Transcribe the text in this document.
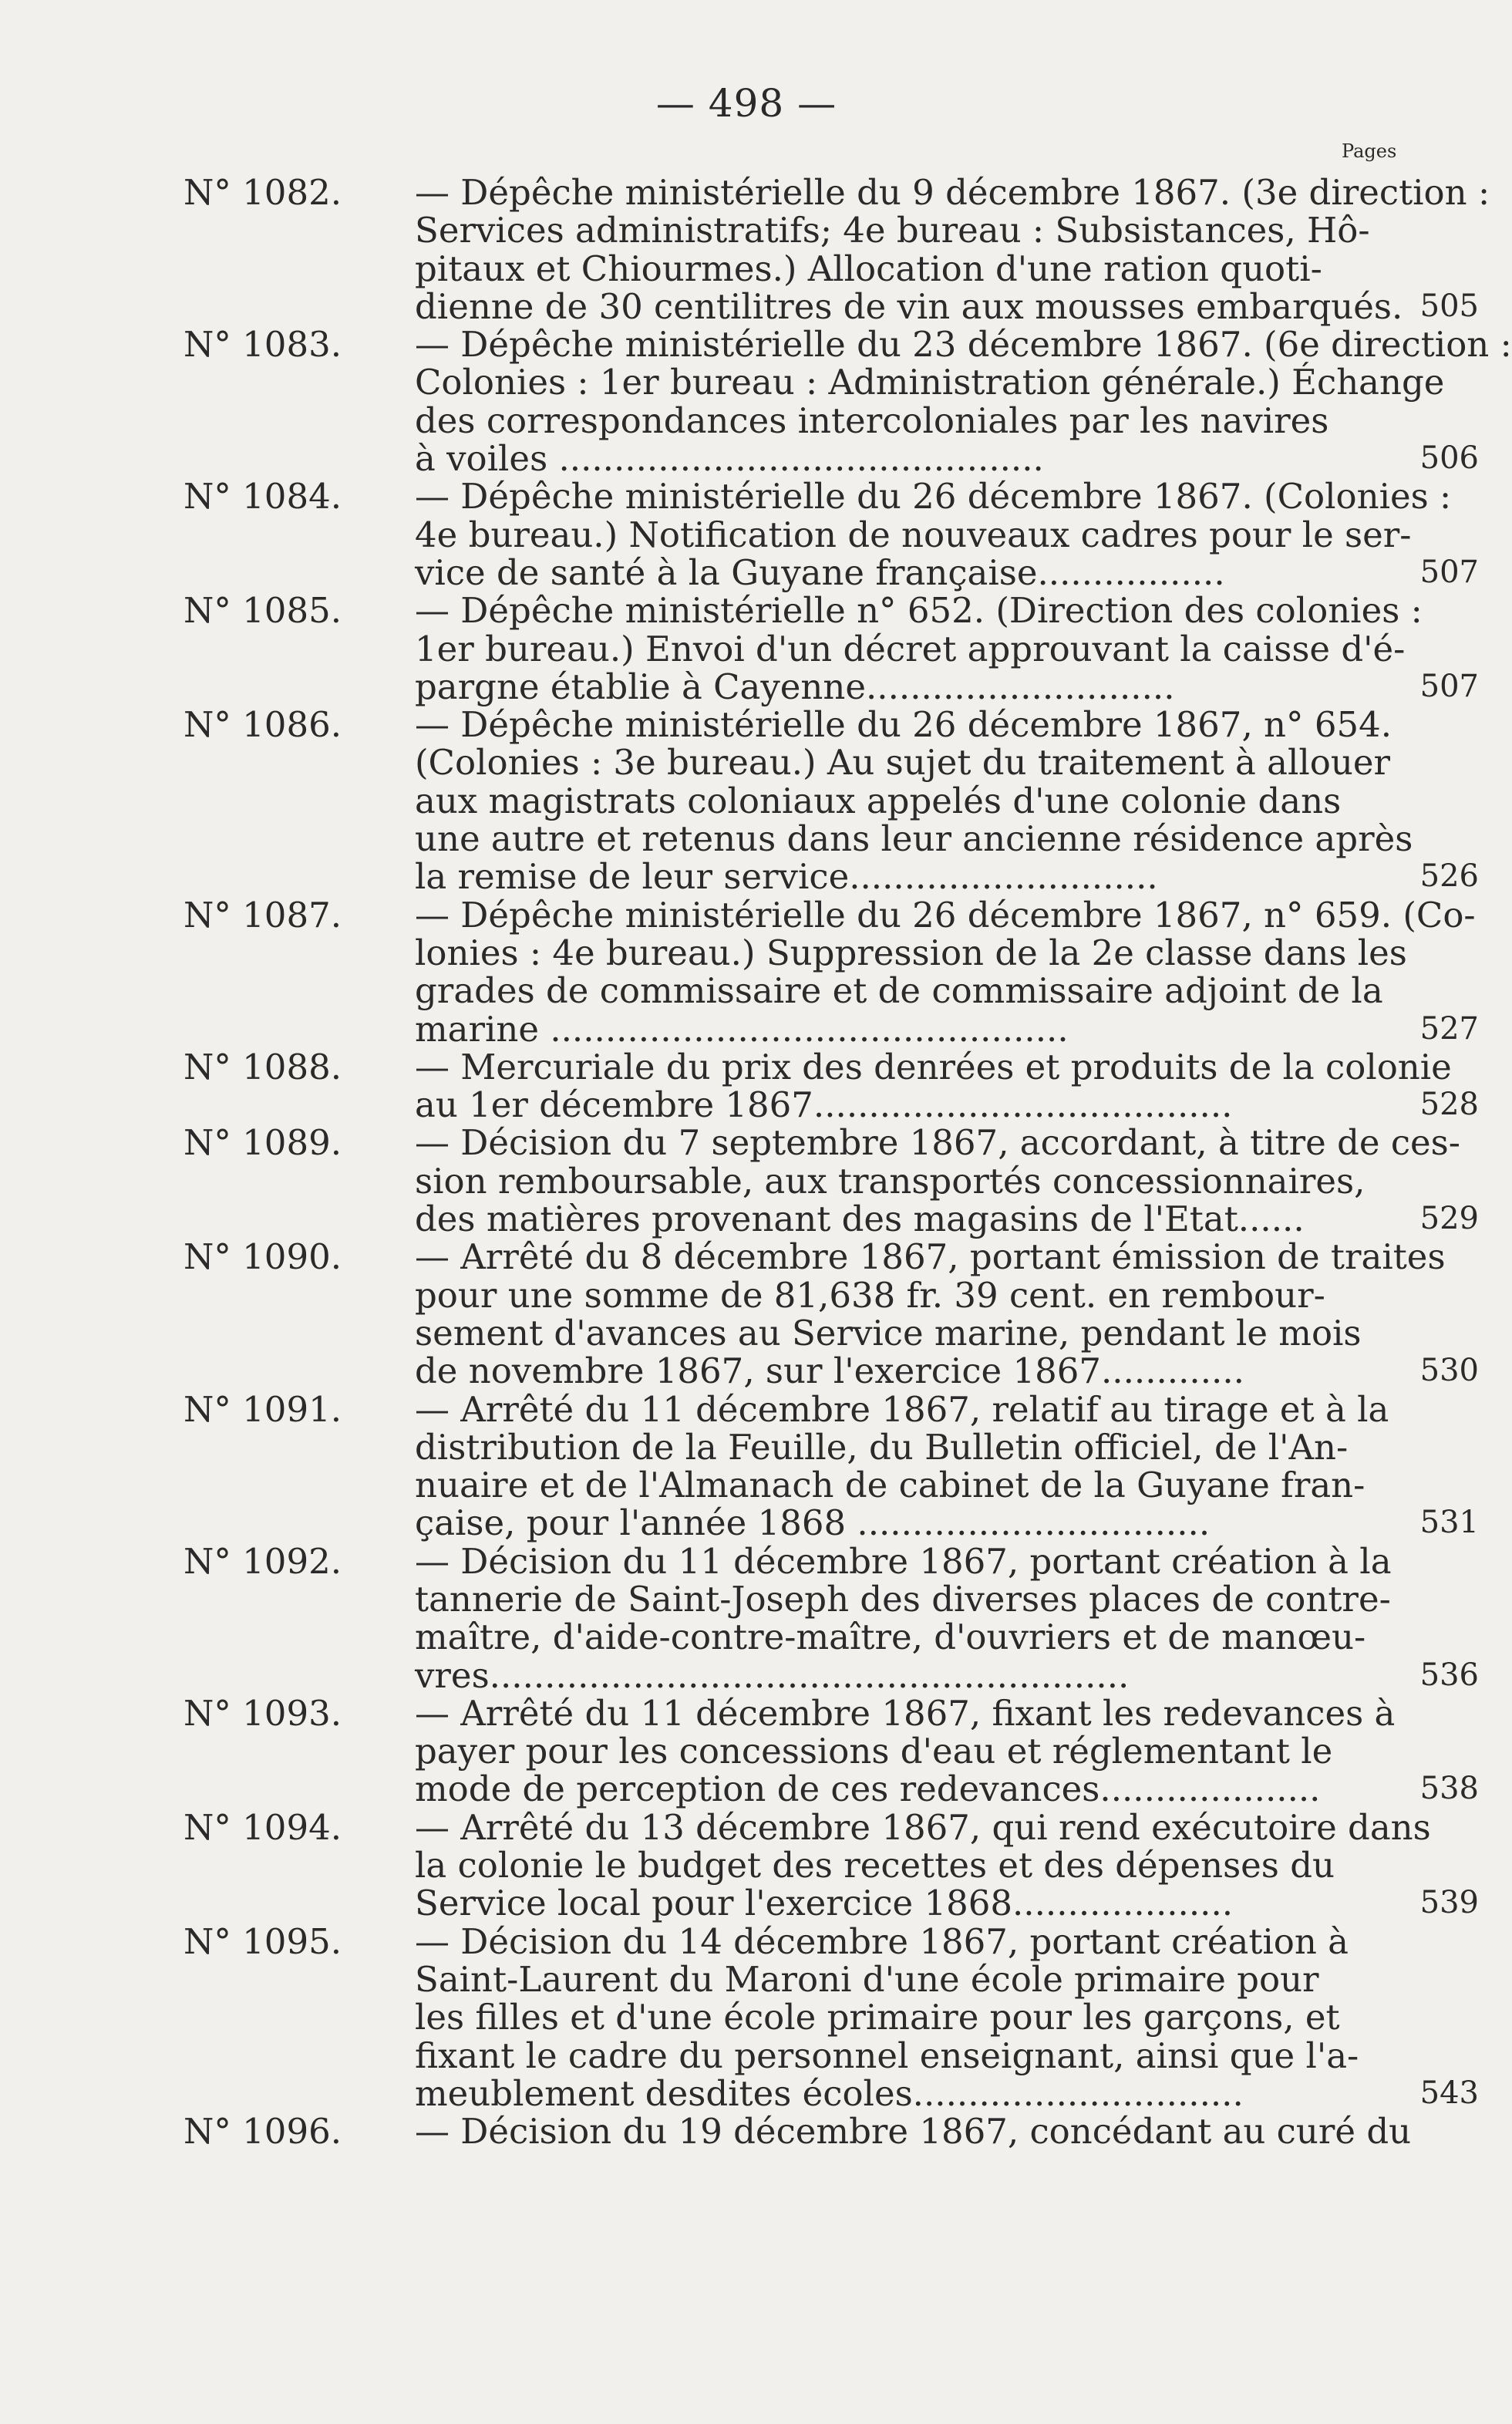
— 498 —
Pages
N° 1082. — Dépêche ministérielle du 9 décembre 1867. (3e direction :
Services administratifs; 4e bureau : Subsistances, Hô-
pitaux et Chiourmes.) Allocation d'une ration quoti-
dienne de 30 centilitres de vin aux mousses embarqués. 505
N° 1083. — Dépêche ministérielle du 23 décembre 1867. (6e direction :
Colonies : 1er bureau : Administration générale.) Échange
des correspondances intercoloniales par les navires
à voiles ............................................	506
N° 1084. — Dépêche ministérielle du 26 décembre 1867. (Colonies :
4e bureau.) Notification de nouveaux cadres pour le ser-
vice de santé à la Guyane française.................	507
N° 1085. — Dépêche ministérielle n° 652. (Direction des colonies :
1er bureau.) Envoi d'un décret approuvant la caisse d'é-
pargne établie à Cayenne............................	507
N° 1086. — Dépêche ministérielle du 26 décembre 1867, n° 654.
(Colonies : 3e bureau.) Au sujet du traitement à allouer
aux magistrats coloniaux appelés d'une colonie dans
une autre et retenus dans leur ancienne résidence après
la remise de leur service............................	526
N° 1087. — Dépêche ministérielle du 26 décembre 1867, n° 659. (Co-
lonies : 4e bureau.) Suppression de la 2e classe dans les
grades de commissaire et de commissaire adjoint de la
marine ...............................................	527
N° 1088. — Mercuriale du prix des denrées et produits de la colonie
au 1er décembre 1867......................................	528
N° 1089. — Décision du 7 septembre 1867, accordant, à titre de ces-
sion remboursable, aux transportés concessionnaires,
des matières provenant des magasins de l'Etat......	529
N° 1090. — Arrêté du 8 décembre 1867, portant émission de traites
pour une somme de 81,638 fr. 39 cent. en rembour-
sement d'avances au Service marine, pendant le mois
de novembre 1867, sur l'exercice 1867.............	530
N° 1091. — Arrêté du 11 décembre 1867, relatif au tirage et à la
distribution de la Feuille, du Bulletin officiel, de l'An-
nuaire et de l'Almanach de cabinet de la Guyane fran-
çaise, pour l'année 1868 ................................	531
N° 1092. — Décision du 11 décembre 1867, portant création à la
tannerie de Saint-Joseph des diverses places de contre-
maître, d'aide-contre-maître, d'ouvriers et de manœu-
vres..........................................................	536
N° 1093. — Arrêté du 11 décembre 1867, fixant les redevances à
payer pour les concessions d'eau et réglementant le
mode de perception de ces redevances....................	538
N° 1094. — Arrêté du 13 décembre 1867, qui rend exécutoire dans
la colonie le budget des recettes et des dépenses du
Service local pour l'exercice 1868....................	539
N° 1095. — Décision du 14 décembre 1867, portant création à
Saint-Laurent du Maroni d'une école primaire pour
les filles et d'une école primaire pour les garçons, et
fixant le cadre du personnel enseignant, ainsi que l'a-
meublement desdites écoles..............................	543
N° 1096. — Décision du 19 décembre 1867, concédant au curé du
